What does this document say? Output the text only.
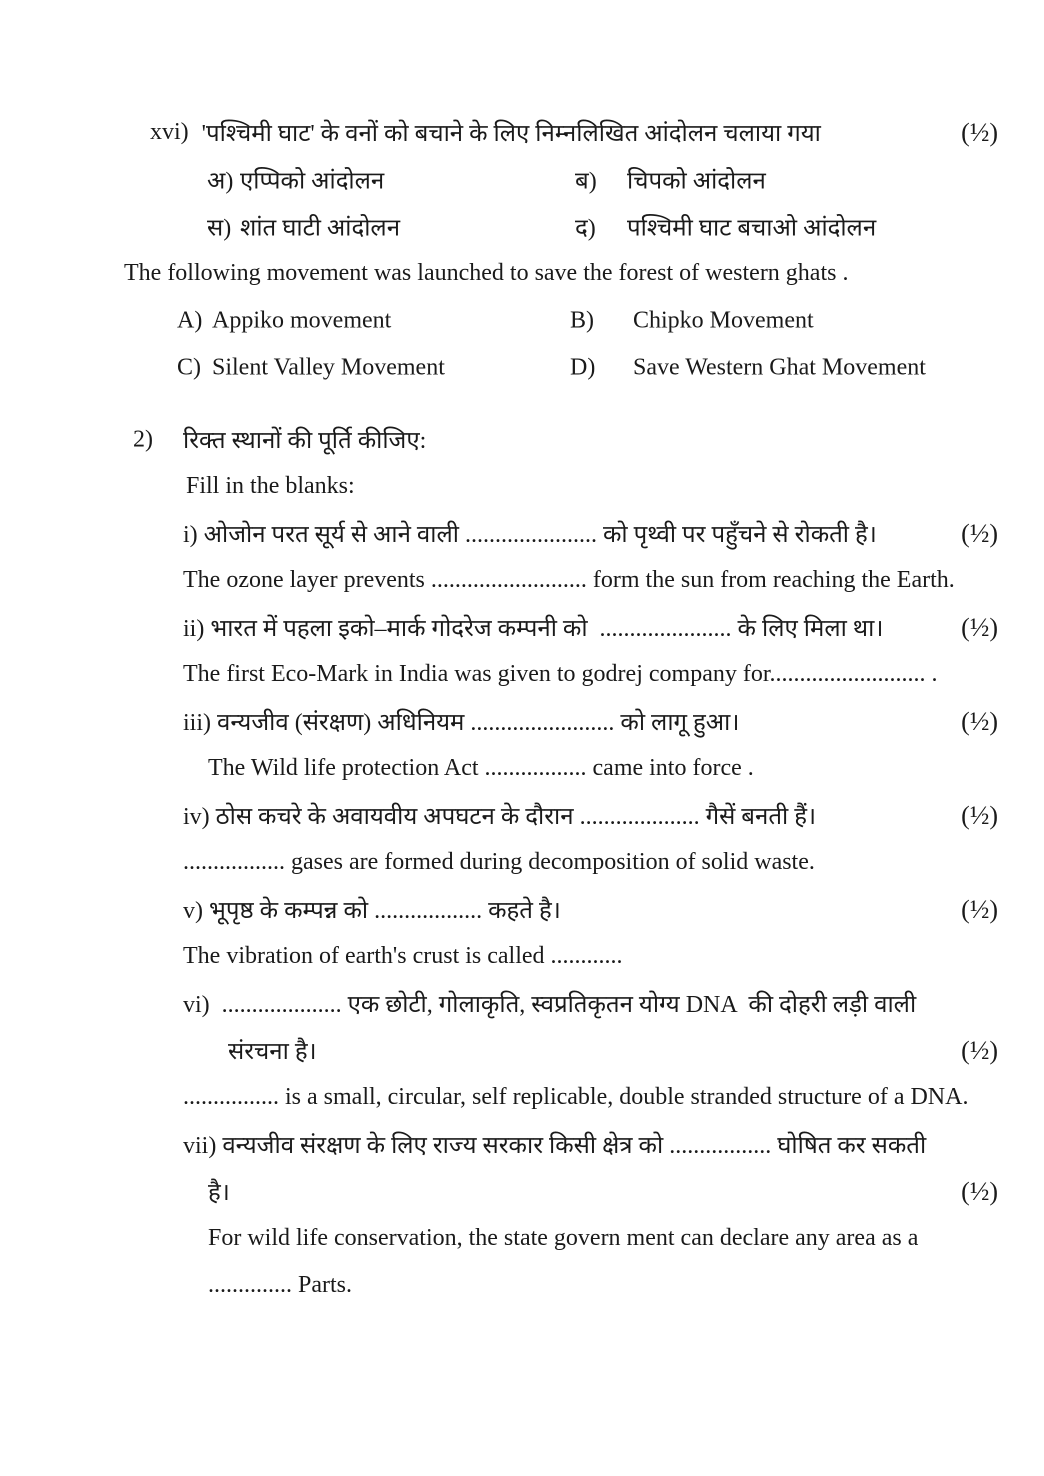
xvi) 'पश्चिमी घाट' के वनों को बचाने के लिए निम्नलिखित आंदोलन चलाया गया	(½)
अ) एप्पिको आंदोलन	ब) चिपको आंदोलन
स) शांत घाटी आंदोलन	द) पश्चिमी घाट बचाओ आंदोलन
The following movement was launched to save the forest of western ghats .
A) Appiko movement	B) Chipko Movement
C) Silent Valley Movement	D) Save Western Ghat Movement
2) रिक्त स्थानों की पूर्ति कीजिए:
Fill in the blanks:
i) ओजोन परत सूर्य से आने वाली ...................... को पृथ्वी पर पहुँचने से रोकती है।	(½)
The ozone layer prevents .......................... form the sun from reaching the Earth.
ii) भारत में पहला इको–मार्क गोदरेज कम्पनी को  ...................... के लिए मिला था।	(½)
The first Eco-Mark in India was given to godrej company for.......................... .
iii) वन्यजीव (संरक्षण) अधिनियम ........................ को लागू हुआ।	(½)
The Wild life protection Act ................. came into force .
iv) ठोस कचरे के अवायवीय अपघटन के दौरान .................... गैसें बनती हैं।	(½)
................. gases are formed during decomposition of solid waste.
v) भूपृष्ठ के कम्पन्न को .................. कहते है।	(½)
The vibration of earth's crust is called ............
vi)  .................... एक छोटी, गोलाकृति, स्वप्रतिकृतन योग्य DNA  की दोहरी लड़ी वाली
संरचना है।	(½)
................ is a small, circular, self replicable, double stranded structure of a DNA.
vii) वन्यजीव संरक्षण के लिए राज्य सरकार किसी क्षेत्र को ................. घोषित कर सकती
है।	(½)
For wild life conservation, the state govern ment can declare any area as a
.............. Parts.
